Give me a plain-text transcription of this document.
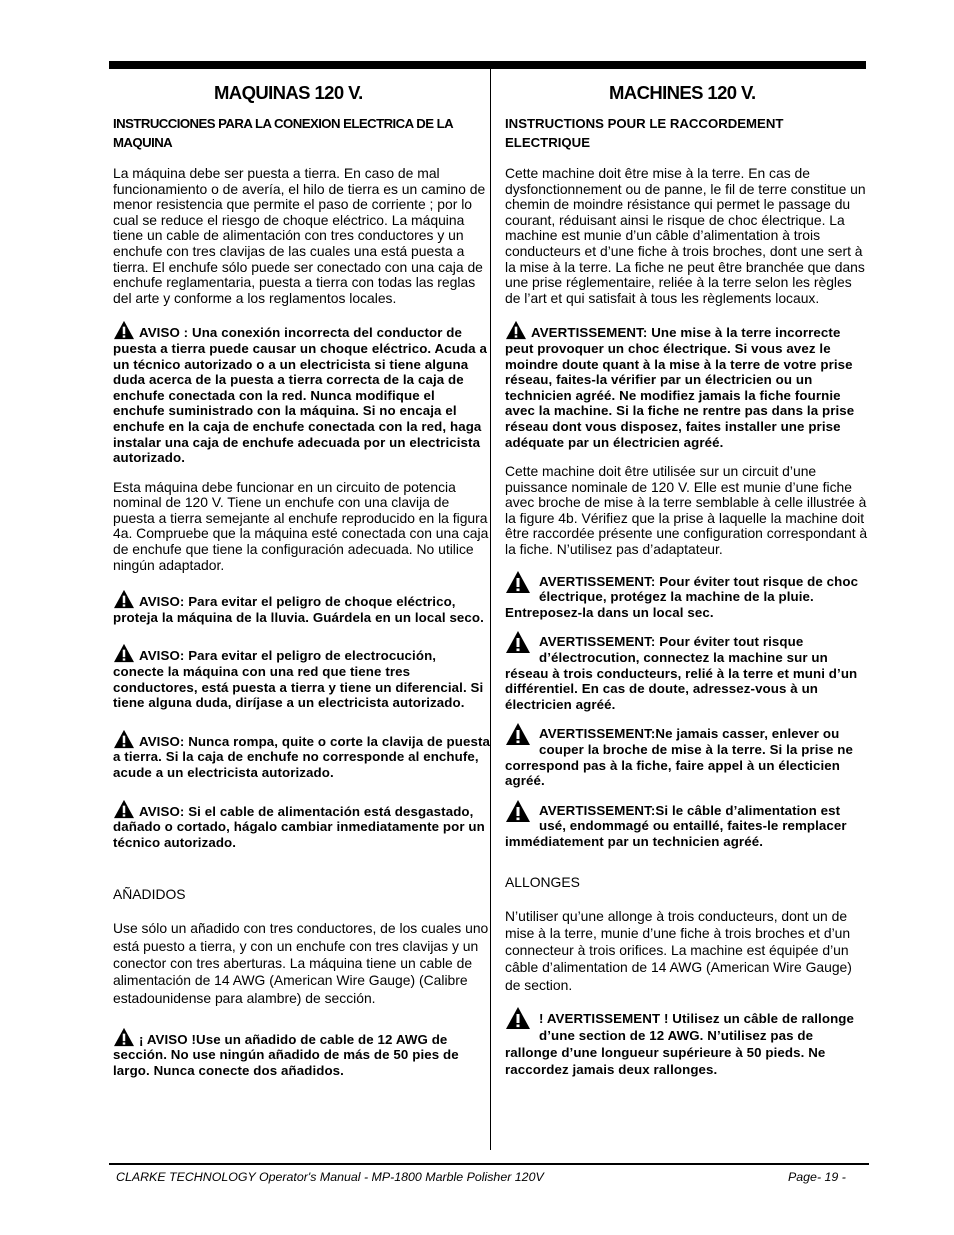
MAQUINAS 120 V.
INSTRUCCIONES PARA LA CONEXION ELECTRICA DE LA MAQUINA

La máquina debe ser puesta a tierra. En caso de mal funcionamiento o de avería, el hilo de tierra es un camino de menor resistencia que permite el paso de corriente ; por lo cual se reduce el riesgo de choque eléctrico. La máquina tiene un cable de alimentación con tres conductores y un enchufe con tres clavijas de las cuales una está puesta a tierra. El enchufe sólo puede ser conectado con una caja de enchufe reglamentaria, puesta a tierra con todas las reglas del arte y conforme a los reglamentos locales.

AVISO : Una conexión incorrecta del conductor de puesta a tierra puede causar un choque eléctrico. Acuda a un técnico autorizado o a un electricista si tiene alguna duda acerca de la puesta a tierra correcta de la caja de enchufe conectada con la red. Nunca modifique el enchufe suministrado con la máquina. Si no encaja el enchufe en la caja de enchufe conectada con la red, haga instalar una caja de enchufe adecuada por un electricista autorizado.

Esta máquina debe funcionar en un circuito de potencia nominal de 120 V. Tiene un enchufe con una clavija de puesta a tierra semejante al enchufe reproducido en la figura 4a. Compruebe que la máquina esté conectada con una caja de enchufe que tiene la configuración adecuada. No utilice ningún adaptador.

AVISO: Para evitar el peligro de choque eléctrico, proteja la máquina de la lluvia. Guárdela en un local seco.

AVISO: Para evitar el peligro de electrocución, conecte la máquina con una red que tiene tres conductores, está puesta a tierra y tiene un diferencial. Si tiene alguna duda, diríjase a un electricista autorizado.

AVISO: Nunca rompa, quite o corte la clavija de puesta a tierra. Si la caja de enchufe no corresponde al enchufe, acude a un electricista autorizado.

AVISO: Si el cable de alimentación está desgastado, dañado o cortado, hágalo cambiar inmediatamente por un técnico autorizado.

AÑADIDOS

Use sólo un añadido con tres conductores, de los cuales uno está puesto a tierra, y con un enchufe con tres clavijas y un conector con tres aberturas. La máquina tiene un cable de alimentación de 14 AWG (American Wire Gauge) (Calibre estadounidense para alambre) de sección.

¡ AVISO !Use un añadido de cable de 12 AWG de sección. No use ningún añadido de más de 50 pies de largo. Nunca conecte dos añadidos.

MACHINES 120 V.
INSTRUCTIONS POUR LE RACCORDEMENT ELECTRIQUE

Cette machine doit être mise à la terre. En cas de dysfonctionnement ou de panne, le fil de terre constitue un chemin de moindre résistance qui permet le passage du courant, réduisant ainsi le risque de choc électrique. La machine est munie d’un câble d’alimentation à trois conducteurs et d’une fiche à trois broches, dont une sert à la mise à la terre. La fiche ne peut être branchée que dans une prise réglementaire, reliée à la terre selon les règles de l’art et qui satisfait à tous les règlements locaux.

AVERTISSEMENT: Une mise à la terre incorrecte peut provoquer un choc électrique. Si vous avez le moindre doute quant à la mise à la terre de votre prise réseau, faites-la vérifier par un électricien ou un technicien agréé. Ne modifiez jamais la fiche fournie avec la machine. Si la fiche ne rentre pas dans la prise réseau dont vous disposez, faites installer une prise adéquate par un électricien agréé.

Cette machine doit être utilisée sur un circuit d’une puissance nominale de 120 V. Elle est munie d’une fiche avec broche de mise à la terre semblable à celle illustrée à la figure 4b. Vérifiez que la prise à laquelle la machine doit être raccordée présente une configuration correspondant à la fiche. N’utilisez pas d’adaptateur.

AVERTISSEMENT: Pour éviter tout risque de choc électrique, protégez la machine de la pluie. Entreposez-la dans un local sec.

AVERTISSEMENT: Pour éviter tout risque d’électrocution, connectez la machine sur un réseau à trois conducteurs, relié à la terre et muni d’un différentiel. En cas de doute, adressez-vous à un électricien agréé.

AVERTISSEMENT:Ne jamais casser, enlever ou couper la broche de mise à la terre. Si la prise ne correspond pas à la fiche, faire appel à un électicien agréé.

AVERTISSEMENT:Si le câble d’alimentation est usé, endommagé ou entaillé, faites-le remplacer immédiatement par un technicien agréé.

ALLONGES

N’utiliser qu’une allonge à trois conducteurs, dont un de mise à la terre, munie d’une fiche à trois broches et d’un connecteur à trois orifices. La machine est équipée d’un câble d’alimentation de 14 AWG (American Wire Gauge) de section.

! AVERTISSEMENT ! Utilisez un câble de rallonge d’une section de 12 AWG. N’utilisez pas de rallonge d’une longueur supérieure à 50 pieds. Ne raccordez jamais deux rallonges.

CLARKE TECHNOLOGY Operator's Manual - MP-1800 Marble Polisher 120V	Page- 19 -
